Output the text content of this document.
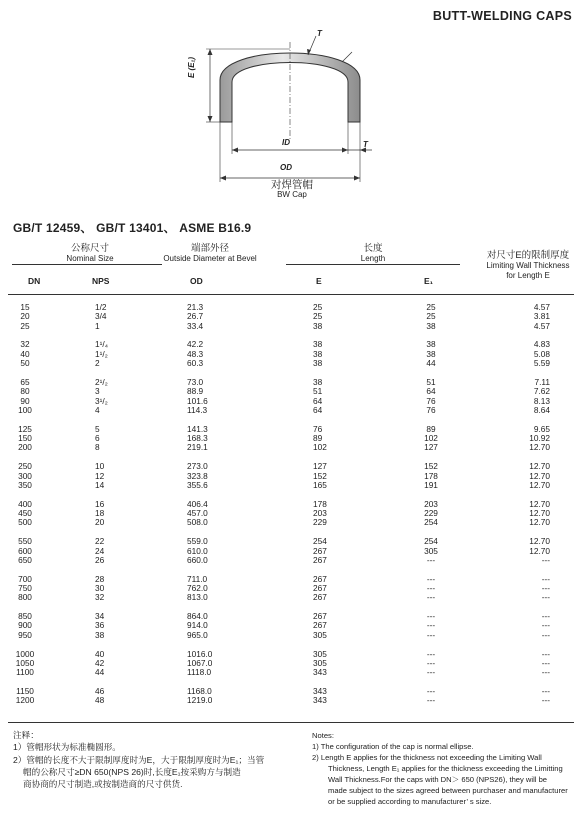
BUTT-WELDING CAPS
E (E₁)
ID
OD
T
T
对焊管帽
BW Cap
GB/T 12459、 GB/T 13401、 ASME B16.9
公称尺寸
Nominal Size
端部外径
Outside Diameter at Bevel
长度
Length	对尺寸E的限制厚度
Limiting Wall Thickness
for Length E
DN	NPS	OD	E	E₁
15	1/2	21.3	25	25	4.57
20	3/4	26.7	25	25	3.81
25	1	33.4	38	38	4.57
32	1¹/₄	42.2	38	38	4.83
40	1¹/₂	48.3	38	38	5.08
50	2	60.3	38	44	5.59
65	2¹/₂	73.0	38	51	7.11
80	3	88.9	51	64	7.62
90	3¹/₂	101.6	64	76	8.13
100	4	114.3	64	76	8.64
125	5	141.3	76	89	9.65
150	6	168.3	89	102	10.92
200	8	219.1	102	127	12.70
250	10	273.0	127	152	12.70
300	12	323.8	152	178	12.70
350	14	355.6	165	191	12.70
400	16	406.4	178	203	12.70
450	18	457.0	203	229	12.70
500	20	508.0	229	254	12.70
550	22	559.0	254	254	12.70
600	24	610.0	267	305	12.70
650	26	660.0	267	---	---
700	28	711.0	267	---	---
750	30	762.0	267	---	---
800	32	813.0	267	---	---
850	34	864.0	267	---	---
900	36	914.0	267	---	---
950	38	965.0	305	---	---
1000	40	1016.0	305	---	---
1050	42	1067.0	305	---	---
1100	44	1118.0	343	---	---
1150	46	1168.0	343	---	---
1200	48	1219.0	343	---	---
注释：
1）管帽形状为标准椭圆形。
2）管帽的长度不大于限制厚度时为E，大于限制厚度时为E₁；当管
帽的公称尺寸≥DN 650(NPS 26)时,长度E₁按采购方与制造
商协商的尺寸制造,或按制造商的尺寸供货.
Notes:
1) The configuration of the cap is normal ellipse.
2) Length E applies for the thickness not exceeding the Limiting Wall
Thickness, Length E₁ applies for the thickness exceeding the Limitting
Wall Thickness.For the caps with DN＞ 650 (NPS26), they will be
made subject to the sizes agreed between purchaser and manufacturer
or be supplied according to manufacturer’ s size.
